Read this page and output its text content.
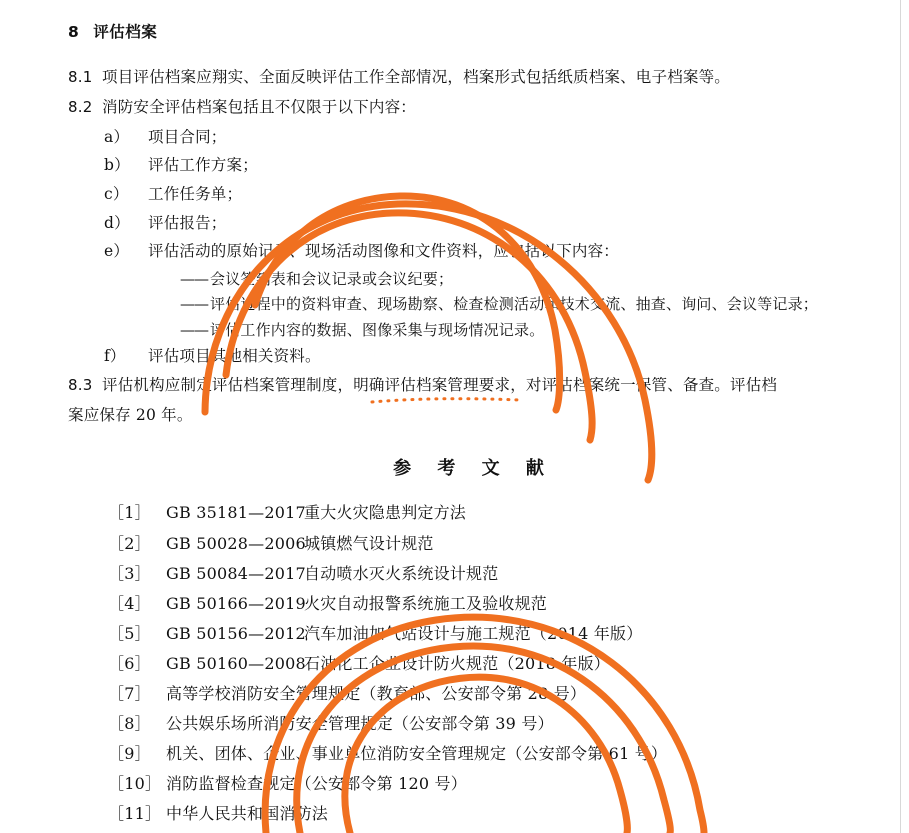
8 评估档案
8.1 项目评估档案应翔实、全面反映评估工作全部情况，档案形式包括纸质档案、电子档案等。
8.2 消防安全评估档案包括且不仅限于以下内容：
a） 项目合同；
b） 评估工作方案；
c） 工作任务单；
d） 评估报告；
e） 评估活动的原始记录、现场活动图像和文件资料，应包括以下内容：
—— 会议签到表和会议记录或会议纪要；
—— 评估过程中的资料审查、现场勘察、检查检测活动和技术交流、抽查、询问、会议等记录；
—— 评估工作内容的数据、图像采集与现场情况记录。
f） 评估项目其他相关资料。
8.3 评估机构应制定评估档案管理制度，明确评估档案管理要求，对评估档案统一保管、备查。评估档
案应保存 20 年。
参 考 文 献
［1］ GB 35181—2017重大火灾隐患判定方法
［2］ GB 50028—2006城镇燃气设计规范
［3］ GB 50084—2017自动喷水灭火系统设计规范
［4］ GB 50166—2019火灾自动报警系统施工及验收规范
［5］ GB 50156—2012汽车加油加气站设计与施工规范（2014 年版）
［6］ GB 50160—2008石油化工企业设计防火规范（2018 年版）
［7］ 高等学校消防安全管理规定（教育部、公安部令第 28 号）
［8］ 公共娱乐场所消防安全管理规定（公安部令第 39 号）
［9］ 机关、团体、企业、事业单位消防安全管理规定（公安部令第 61 号）
［10］ 消防监督检查规定（公安部令第 120 号）
［11］ 中华人民共和国消防法
